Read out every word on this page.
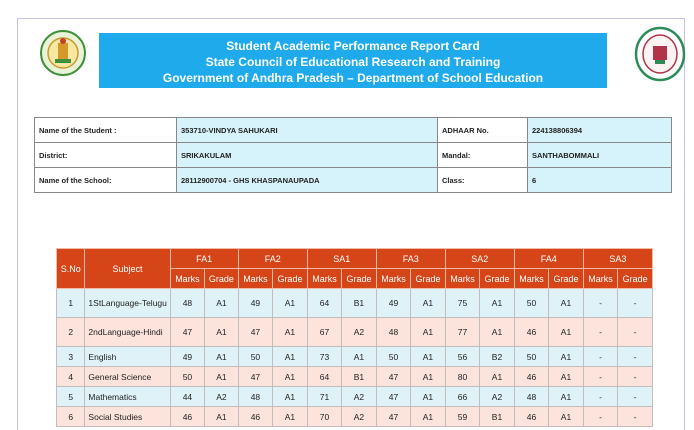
Student Academic Performance Report Card
State Council of Educational Research and Training
Government of Andhra Pradesh – Department of School Education
Name of the Student :	353710-VINDYA SAHUKARI	ADHAAR No.	224138806394
District:	SRIKAKULAM	Mandal:	SANTHABOMMALI
Name of the School:	28112900704 - GHS KHASPANAUPADA	Class:	6
S.No	Subject	FA1		FA2		SA1		FA3		SA2		FA4		SA3	
		Marks	Grade	Marks	Grade	Marks	Grade	Marks	Grade	Marks	Grade	Marks	Grade	Marks	Grade
1	1StLanguage-Telugu	48	A1	49	A1	64	B1	49	A1	75	A1	50	A1	-	-
2	2ndLanguage-Hindi	47	A1	47	A1	67	A2	48	A1	77	A1	46	A1	-	-
3	English	49	A1	50	A1	73	A1	50	A1	56	B2	50	A1	-	-
4	General Science	50	A1	47	A1	64	B1	47	A1	80	A1	46	A1	-	-
5	Mathematics	44	A2	48	A1	71	A2	47	A1	66	A2	48	A1	-	-
6	Social Studies	46	A1	46	A1	70	A2	47	A1	59	B1	46	A1	-	-
